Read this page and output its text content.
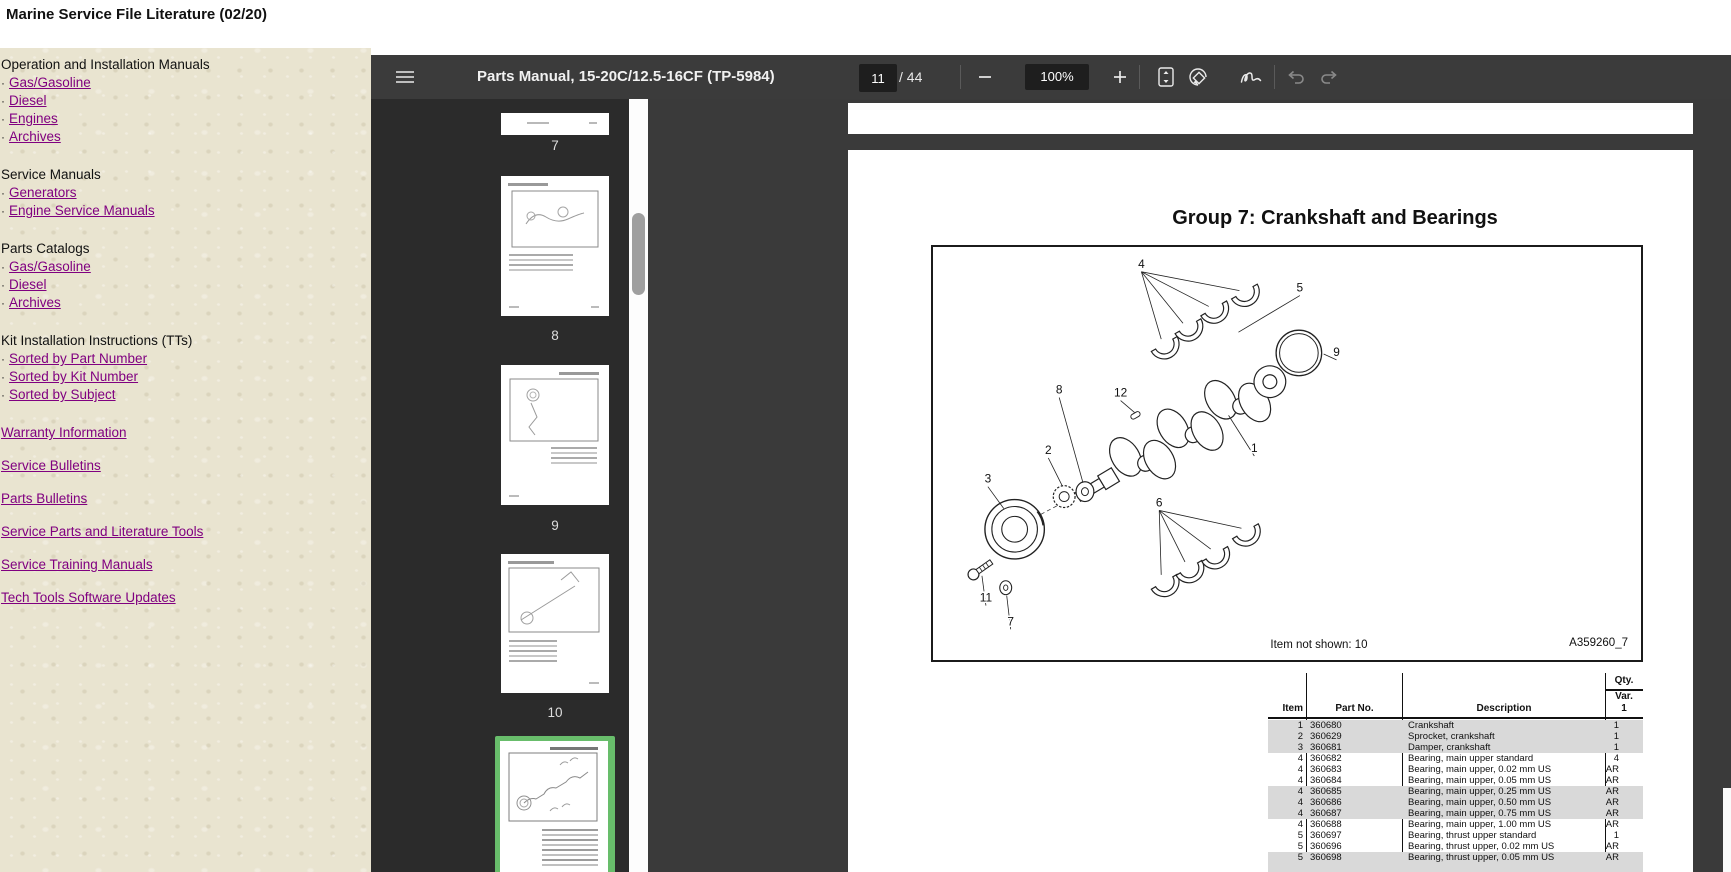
Marine Service File Literature (02/20)
Operation and Installation Manuals
· Gas/Gasoline
· Diesel
· Engines
· Archives
Service Manuals
· Generators
· Engine Service Manuals
Parts Catalogs
· Gas/Gasoline
· Diesel
· Archives
Kit Installation Instructions (TTs)
· Sorted by Part Number
· Sorted by Kit Number
· Sorted by Subject
Warranty Information
Service Bulletins
Parts Bulletins
Service Parts and Literature Tools
Service Training Manuals
Tech Tools Software Updates
Parts Manual, 15-20C/12.5-16CF (TP-5984)
11	/ 44	100%
7
8
9
10
Group 7: Crankshaft and Bearings
1
2
3
4
5
6
7
8
9
11
12
Item not shown: 10	A359260_7
Item	Part No.	Description
Qty.
Var.
1
1 360680	Crankshaft	1
2 360629	Sprocket, crankshaft	1
3 360681	Damper, crankshaft	1
4 360682	Bearing, main upper standard	4
4 360683	Bearing, main upper, 0.02 mm US	AR
4 360684	Bearing, main upper, 0.05 mm US	AR
4 360685	Bearing, main upper, 0.25 mm US	AR
4 360686	Bearing, main upper, 0.50 mm US	AR
4 360687	Bearing, main upper, 0.75 mm US	AR
4 360688	Bearing, main upper, 1.00 mm US	AR
5 360697	Bearing, thrust upper standard	1
5 360696	Bearing, thrust upper, 0.02 mm US	AR
5 360698	Bearing, thrust upper, 0.05 mm US	AR
